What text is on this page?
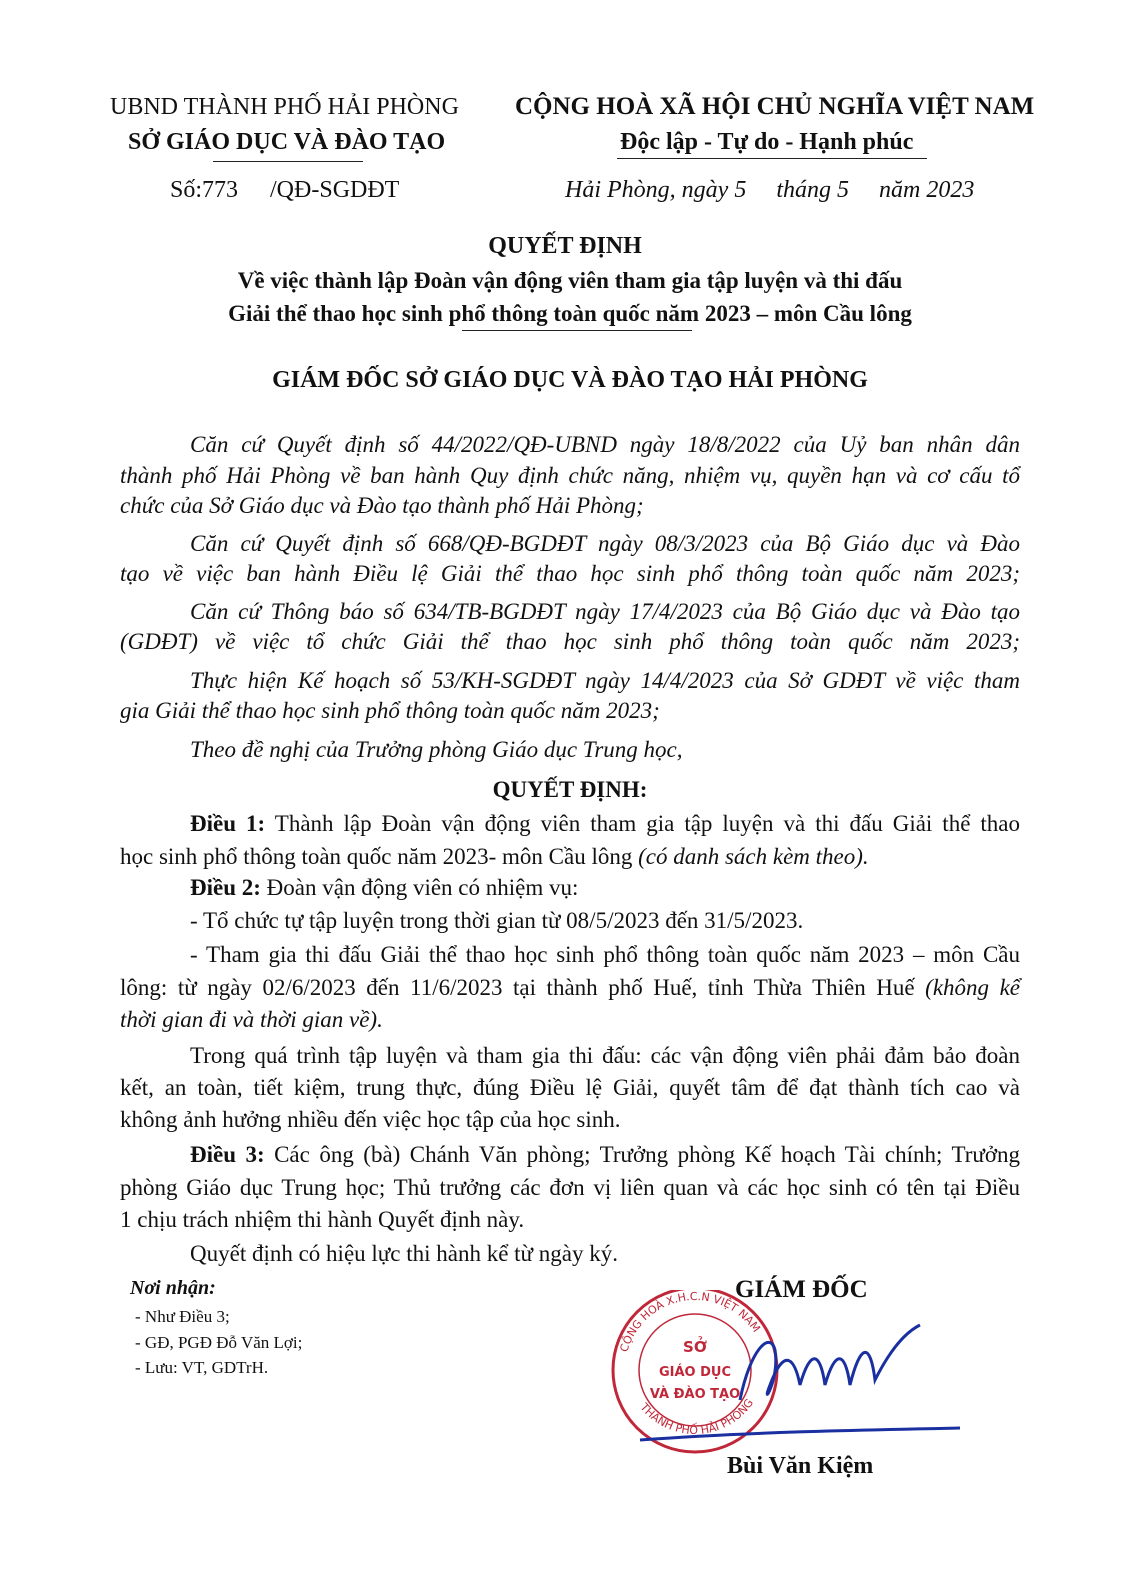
UBND THÀNH PHỐ HẢI PHÒNG
SỞ GIÁO DỤC VÀ ĐÀO TẠO
Số:773 /QĐ-SGDĐT
CỘNG HOÀ XÃ HỘI CHỦ NGHĨA VIỆT NAM
Độc lập - Tự do - Hạnh phúc
Hải Phòng, ngày 5 tháng 5 năm 2023
QUYẾT ĐỊNH
Về việc thành lập Đoàn vận động viên tham gia tập luyện và thi đấu
Giải thể thao học sinh phổ thông toàn quốc năm 2023 – môn Cầu lông
GIÁM ĐỐC SỞ GIÁO DỤC VÀ ĐÀO TẠO HẢI PHÒNG
Căn cứ Quyết định số 44/2022/QĐ-UBND ngày 18/8/2022 của Uỷ ban nhân dân
thành phố Hải Phòng về ban hành Quy định chức năng, nhiệm vụ, quyền hạn và cơ cấu tổ
chức của Sở Giáo dục và Đào tạo thành phố Hải Phòng;
Căn cứ Quyết định số 668/QĐ-BGDĐT ngày 08/3/2023 của Bộ Giáo dục và Đào
tạo về việc ban hành Điều lệ Giải thể thao học sinh phổ thông toàn quốc năm 2023;
Căn cứ Thông báo số 634/TB-BGDĐT ngày 17/4/2023 của Bộ Giáo dục và Đào tạo
(GDĐT) về việc tổ chức Giải thể thao học sinh phổ thông toàn quốc năm 2023;
Thực hiện Kế hoạch số 53/KH-SGDĐT ngày 14/4/2023 của Sở GDĐT về việc tham
gia Giải thể thao học sinh phổ thông toàn quốc năm 2023;
Theo đề nghị của Trưởng phòng Giáo dục Trung học,
QUYẾT ĐỊNH:
Điều 1: Thành lập Đoàn vận động viên tham gia tập luyện và thi đấu Giải thể thao
học sinh phổ thông toàn quốc năm 2023- môn Cầu lông (có danh sách kèm theo).
Điều 2: Đoàn vận động viên có nhiệm vụ:
- Tổ chức tự tập luyện trong thời gian từ 08/5/2023 đến 31/5/2023.
- Tham gia thi đấu Giải thể thao học sinh phổ thông toàn quốc năm 2023 – môn Cầu
lông: từ ngày 02/6/2023 đến 11/6/2023 tại thành phố Huế, tỉnh Thừa Thiên Huế (không kể
thời gian đi và thời gian về).
Trong quá trình tập luyện và tham gia thi đấu: các vận động viên phải đảm bảo đoàn
kết, an toàn, tiết kiệm, trung thực, đúng Điều lệ Giải, quyết tâm để đạt thành tích cao và
không ảnh hưởng nhiều đến việc học tập của học sinh.
Điều 3: Các ông (bà) Chánh Văn phòng; Trưởng phòng Kế hoạch Tài chính; Trưởng
phòng Giáo dục Trung học; Thủ trưởng các đơn vị liên quan và các học sinh có tên tại Điều
1 chịu trách nhiệm thi hành Quyết định này.
Quyết định có hiệu lực thi hành kể từ ngày ký.
Nơi nhận:
- Như Điều 3;
- GĐ, PGĐ Đỗ Văn Lợi;
- Lưu: VT, GDTrH.
GIÁM ĐỐC
SỞ
GIÁO DỤC
VÀ ĐÀO TẠO
CỘNG HOÀ X.H.C.N VIỆT NAM
THÀNH PHỐ HẢI PHÒNG
Bùi Văn Kiệm
